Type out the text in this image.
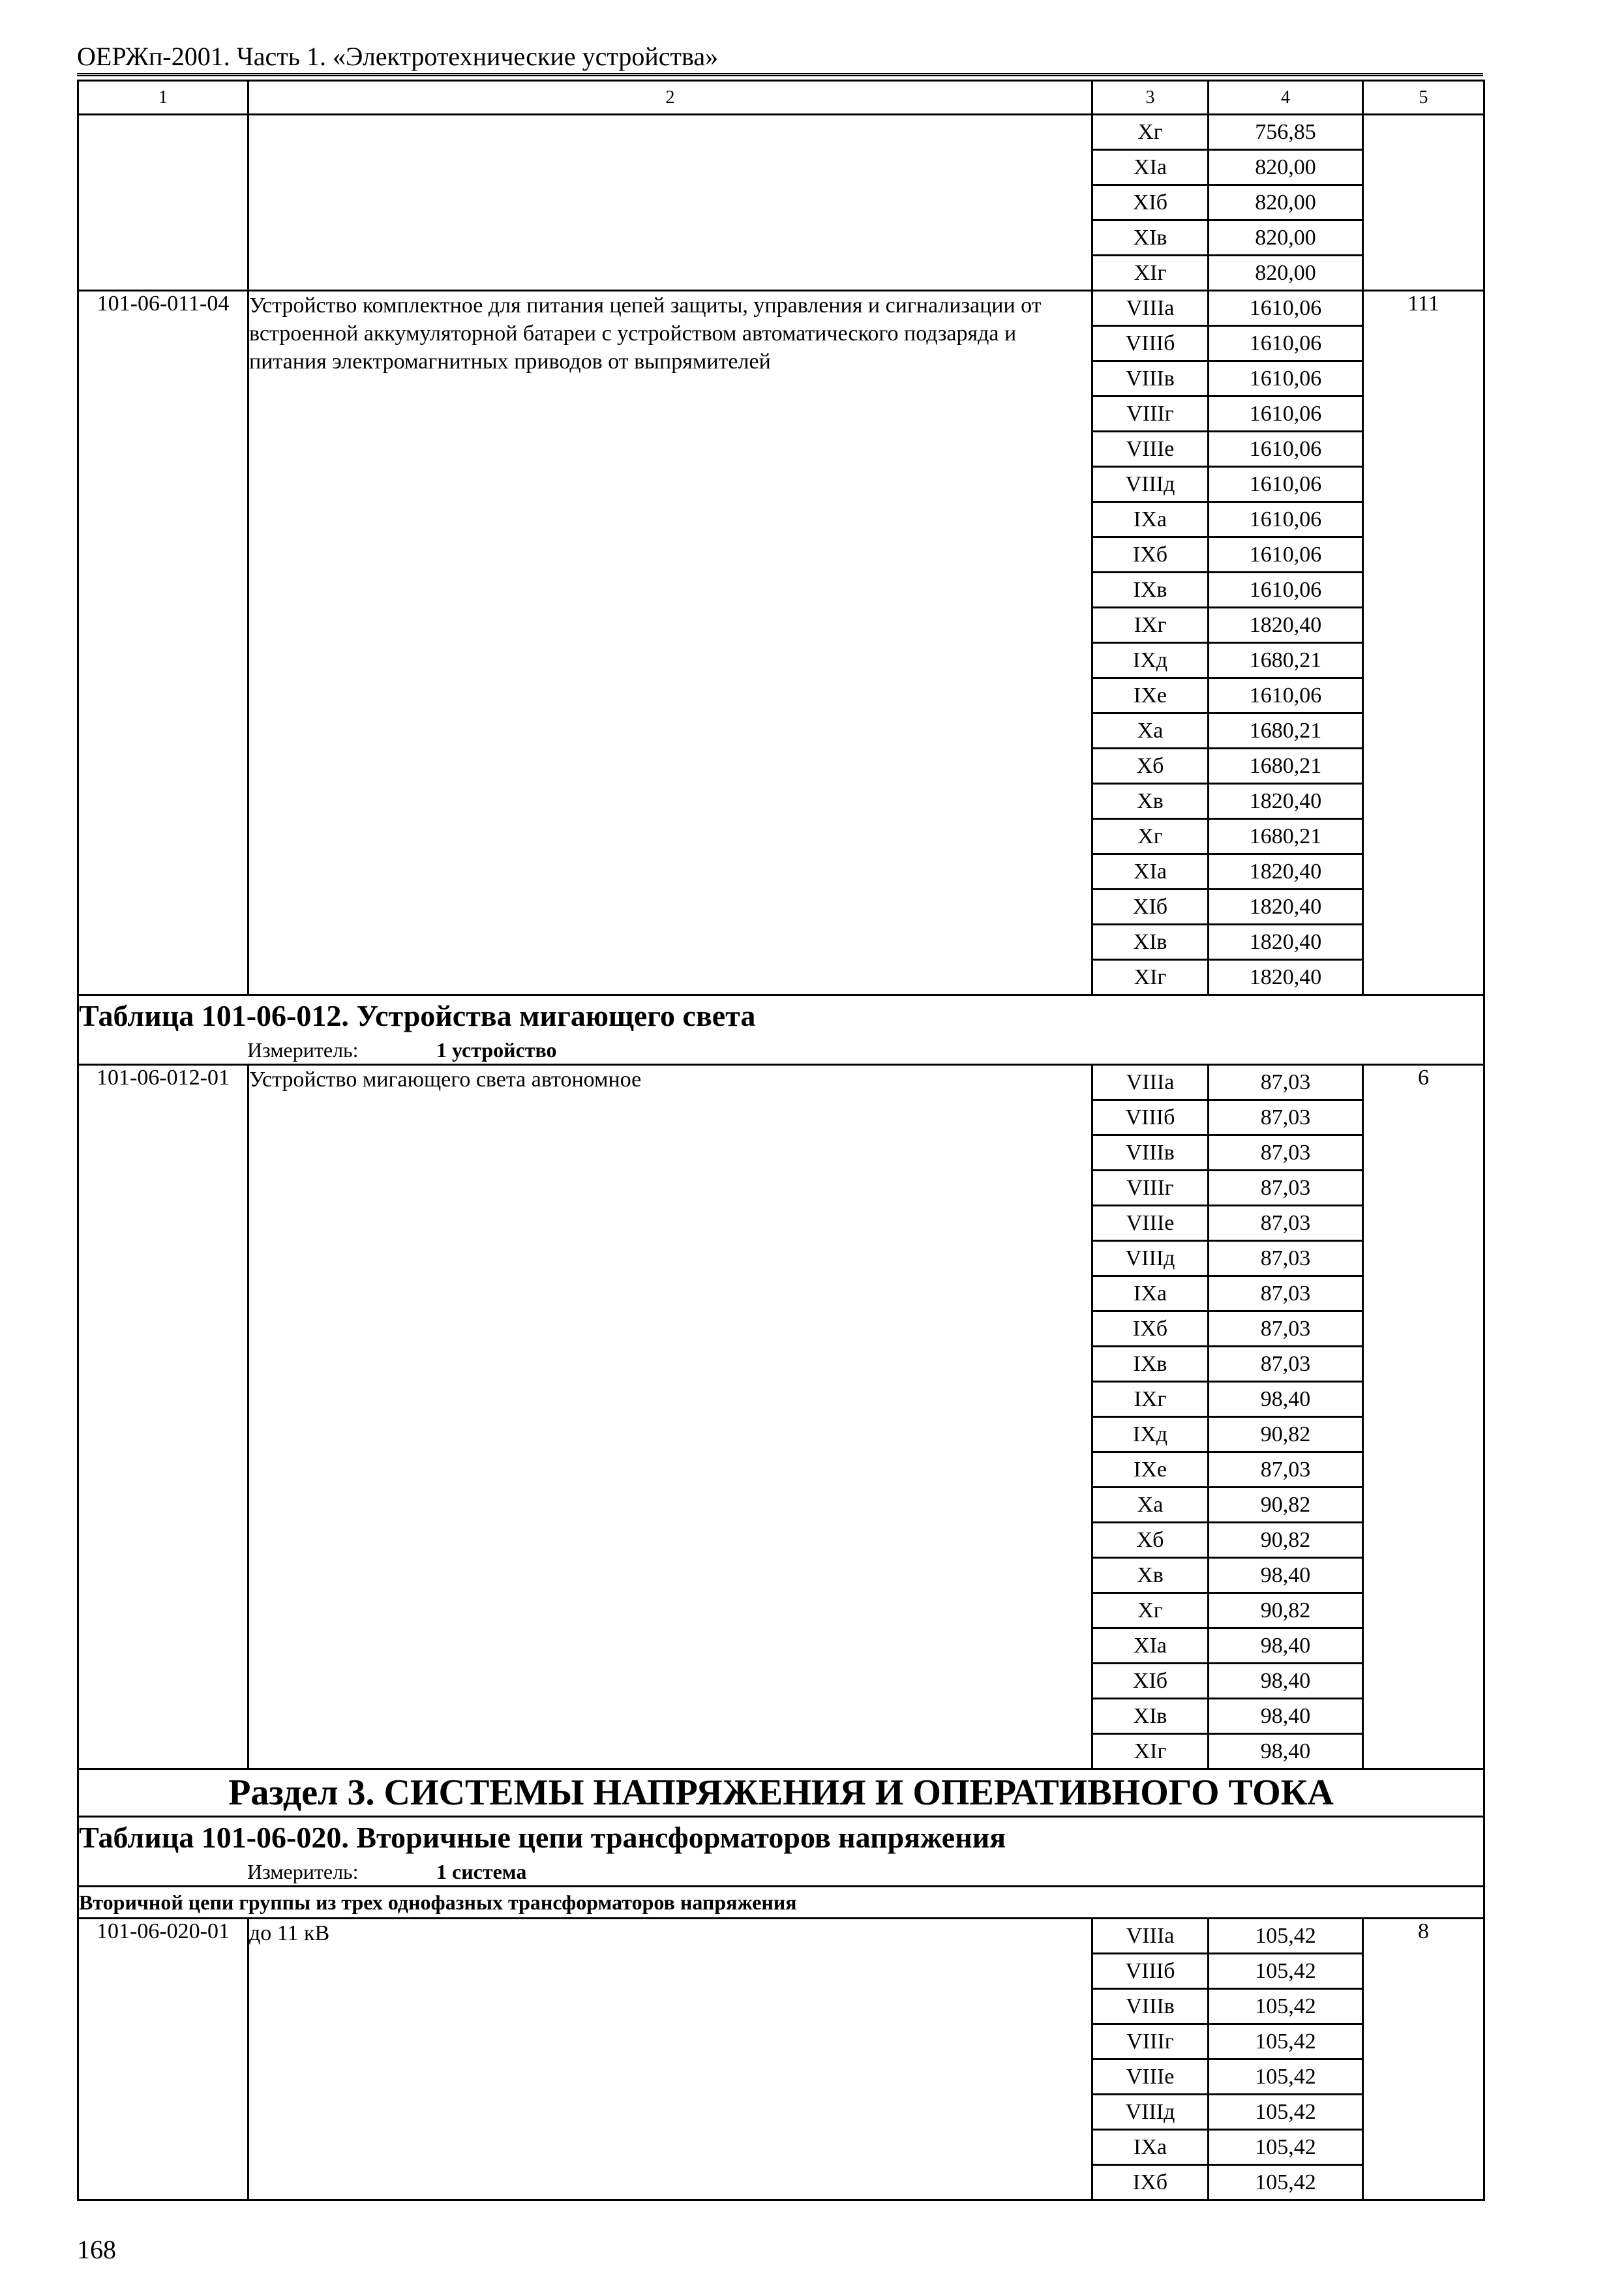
ОЕРЖп-2001. Часть 1. «Электротехнические устройства»
1	2	3	4	5
		Хг	756,85	
		ХIа	820,00	
		ХIб	820,00	
		ХIв	820,00	
		ХIг	820,00	
101-06-011-04	Устройство комплектное для питания цепей защиты, управления и сигнализации от встроенной аккумуляторной батареи с устройством автоматического подзаряда и питания электромагнитных приводов от выпрямителей	VIIIа	1610,06	111
		VIIIб	1610,06	
		VIIIв	1610,06	
		VIIIг	1610,06	
		VIIIе	1610,06	
		VIIIд	1610,06	
		IХа	1610,06	
		IХб	1610,06	
		IХв	1610,06	
		IХг	1820,40	
		IХд	1680,21	
		IХе	1610,06	
		Ха	1680,21	
		Хб	1680,21	
		Хв	1820,40	
		Хг	1680,21	
		ХIа	1820,40	
		ХIб	1820,40	
		ХIв	1820,40	
		ХIг	1820,40	

Таблица 101-06-012. Устройства мигающего света
Измеритель: 1 устройство				

101-06-012-01	Устройство мигающего света автономное	VIIIа	87,03	6
		VIIIб	87,03	
		VIIIв	87,03	
		VIIIг	87,03	
		VIIIе	87,03	
		VIIIд	87,03	
		IХа	87,03	
		IХб	87,03	
		IХв	87,03	
		IХг	98,40	
		IХд	90,82	
		IХе	87,03	
		Ха	90,82	
		Хб	90,82	
		Хв	98,40	
		Хг	90,82	
		ХIа	98,40	
		ХIб	98,40	
		ХIв	98,40	
		ХIг	98,40	
Раздел 3. СИСТЕМЫ НАПРЯЖЕНИЯ И ОПЕРАТИВНОГО ТОКА				

Таблица 101-06-020. Вторичные цепи трансформаторов напряжения
Измеритель: 1 система				

Вторичной цепи группы из трех однофазных трансформаторов напряжения				
101-06-020-01	до 11 кВ	VIIIа	105,42	8
		VIIIб	105,42	
		VIIIв	105,42	
		VIIIг	105,42	
		VIIIе	105,42	
		VIIIд	105,42	
		IХа	105,42	
		IХб	105,42	
168
